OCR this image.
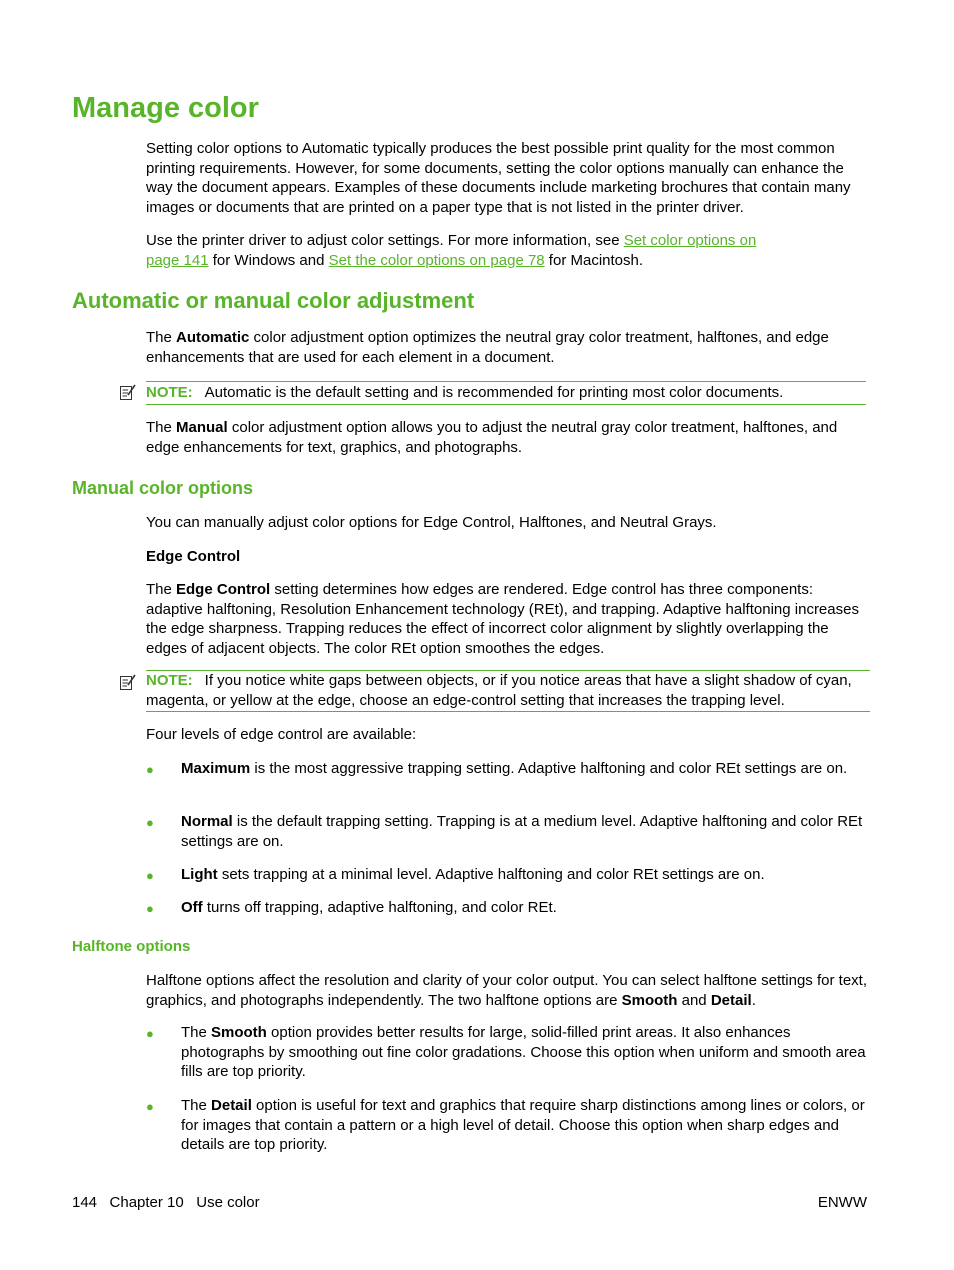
Manage color

Setting color options to Automatic typically produces the best possible print quality for the most common printing requirements. However, for some documents, setting the color options manually can enhance the way the document appears. Examples of these documents include marketing brochures that contain many images or documents that are printed on a paper type that is not listed in the printer driver.

Use the printer driver to adjust color settings. For more information, see Set color options on page 141 for Windows and Set the color options on page 78 for Macintosh.

Automatic or manual color adjustment

The Automatic color adjustment option optimizes the neutral gray color treatment, halftones, and edge enhancements that are used for each element in a document.

NOTE: Automatic is the default setting and is recommended for printing most color documents.

The Manual color adjustment option allows you to adjust the neutral gray color treatment, halftones, and edge enhancements for text, graphics, and photographs.

Manual color options

You can manually adjust color options for Edge Control, Halftones, and Neutral Grays.

Edge Control

The Edge Control setting determines how edges are rendered. Edge control has three components: adaptive halftoning, Resolution Enhancement technology (REt), and trapping. Adaptive halftoning increases the edge sharpness. Trapping reduces the effect of incorrect color alignment by slightly overlapping the edges of adjacent objects. The color REt option smoothes the edges.

NOTE: If you notice white gaps between objects, or if you notice areas that have a slight shadow of cyan, magenta, or yellow at the edge, choose an edge-control setting that increases the trapping level.

Four levels of edge control are available:

● Maximum is the most aggressive trapping setting. Adaptive halftoning and color REt settings are on.

● Normal is the default trapping setting. Trapping is at a medium level. Adaptive halftoning and color REt settings are on.

● Light sets trapping at a minimal level. Adaptive halftoning and color REt settings are on.

● Off turns off trapping, adaptive halftoning, and color REt.

Halftone options

Halftone options affect the resolution and clarity of your color output. You can select halftone settings for text, graphics, and photographs independently. The two halftone options are Smooth and Detail.

● The Smooth option provides better results for large, solid-filled print areas. It also enhances photographs by smoothing out fine color gradations. Choose this option when uniform and smooth area fills are top priority.

● The Detail option is useful for text and graphics that require sharp distinctions among lines or colors, or for images that contain a pattern or a high level of detail. Choose this option when sharp edges and details are top priority.

144   Chapter 10   Use color	ENWW
